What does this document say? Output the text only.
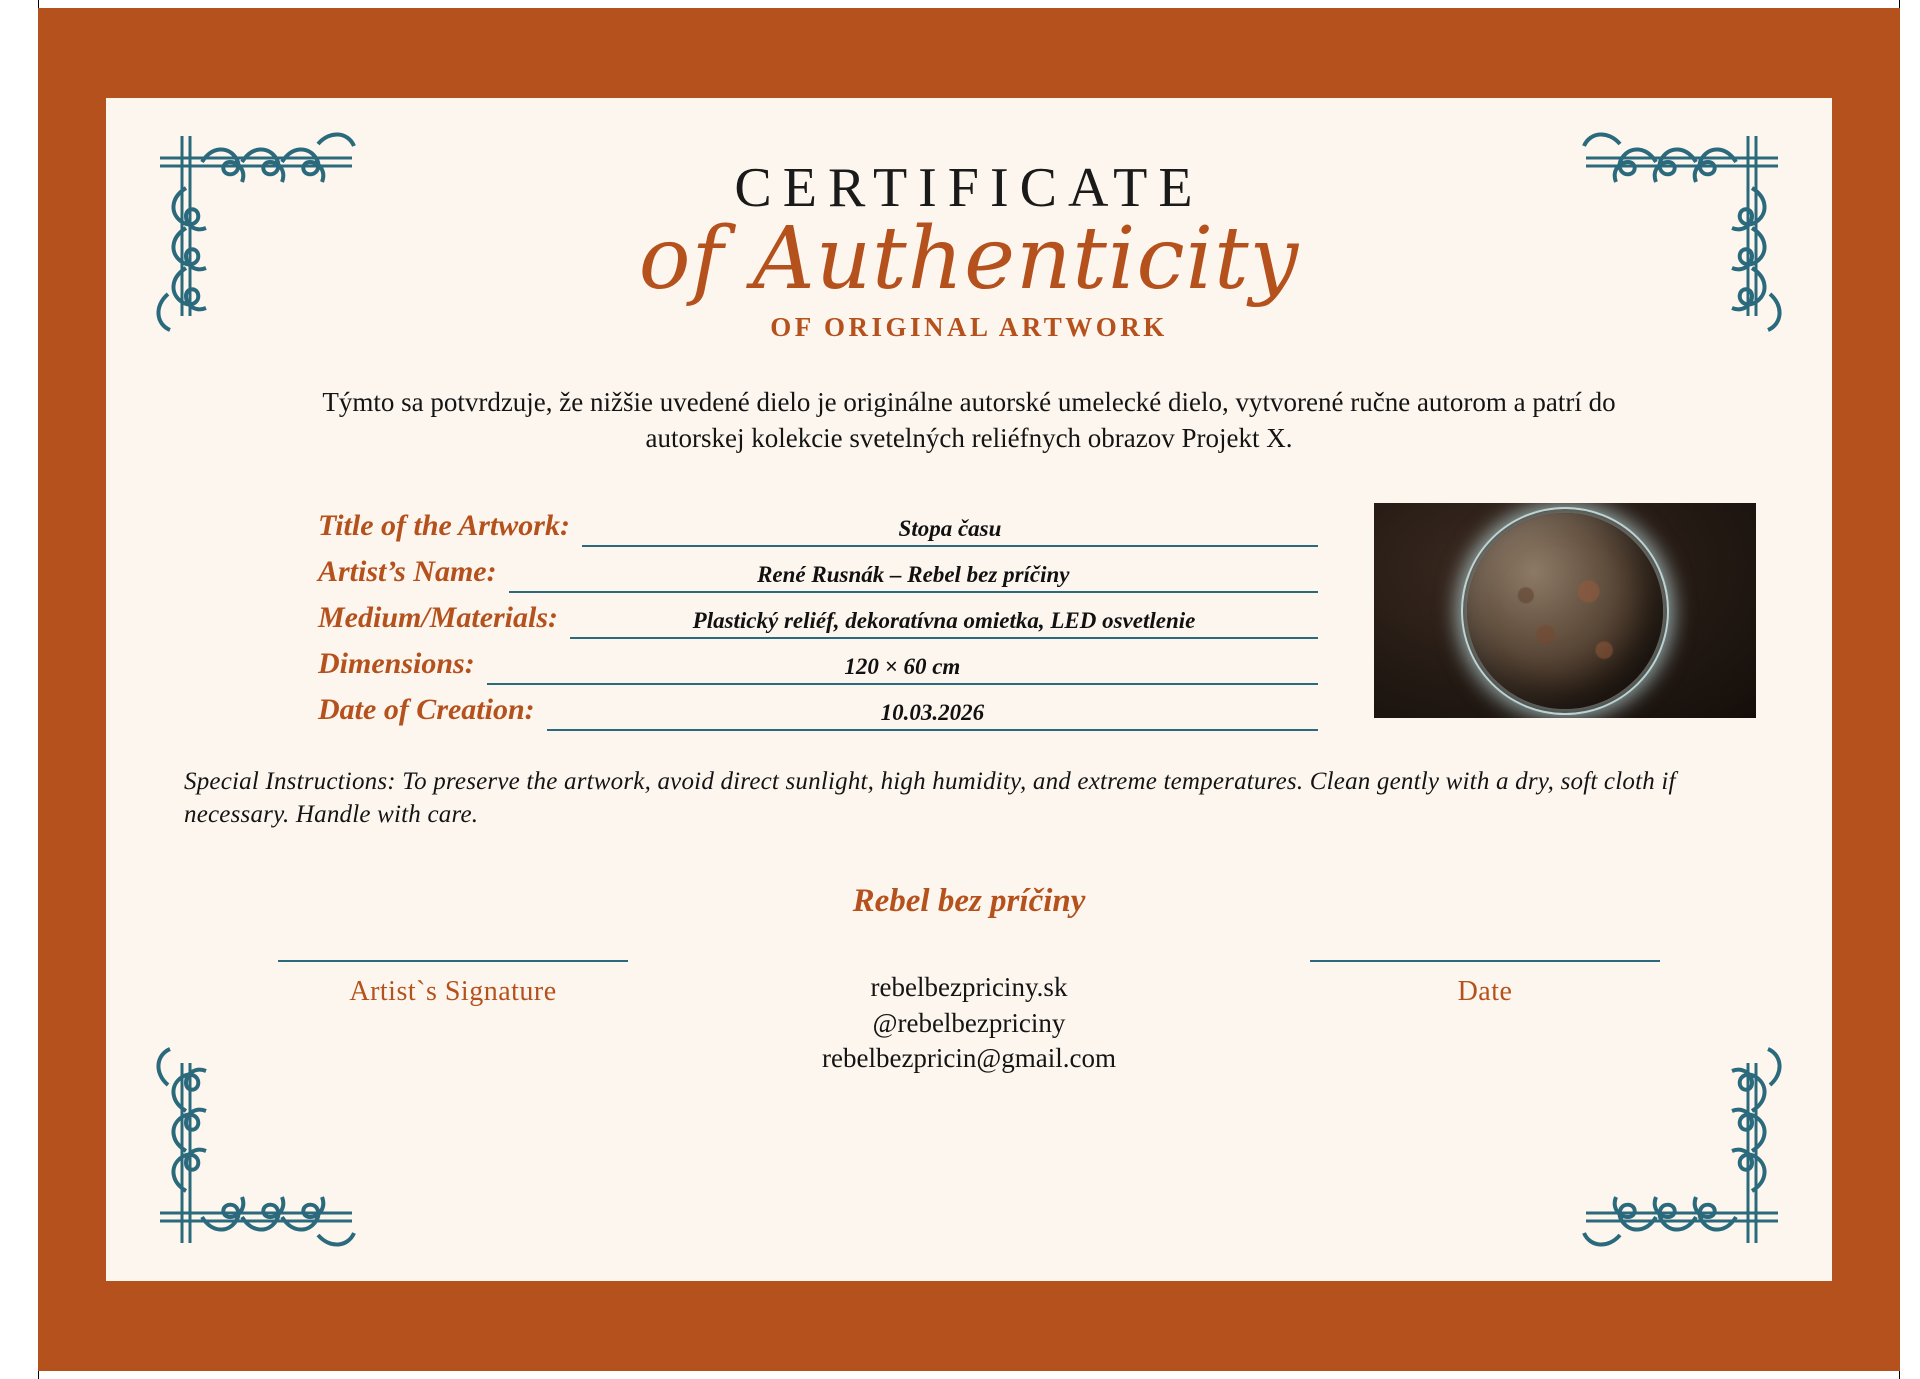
CERTIFICATE
of Authenticity
OF ORIGINAL ARTWORK
Týmto sa potvrdzuje, že nižšie uvedené dielo je originálne autorské umelecké dielo, vytvorené ručne autorom a patrí do autorskej kolekcie svetelných reliéfnych obrazov Projekt X.
Title of the Artwork:	Stopa času
Artist’s Name:	René Rusnák – Rebel bez príčiny
Medium/Materials:	Plastický reliéf, dekoratívna omietka, LED osvetlenie
Dimensions:	120 × 60 cm
Date of Creation:	10.03.2026
Special Instructions: To preserve the artwork, avoid direct sunlight, high humidity, and extreme temperatures. Clean gently with a dry, soft cloth if necessary. Handle with care.
Rebel bez príčiny
Artist`s Signature	rebelbezpriciny.sk
@rebelbezpriciny
rebelbezpricin@gmail.com
Date
